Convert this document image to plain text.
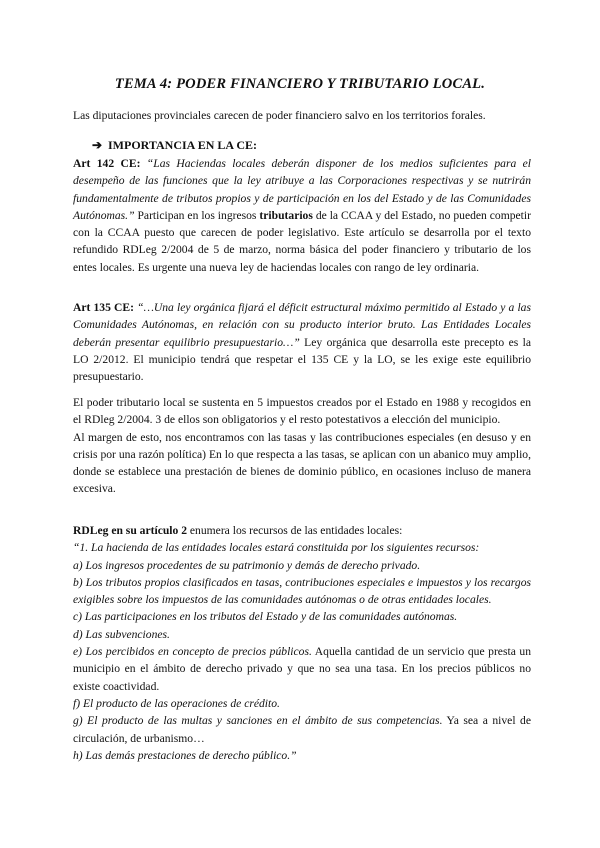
TEMA 4: PODER FINANCIERO Y TRIBUTARIO LOCAL.
Las diputaciones provinciales carecen de poder financiero salvo en los territorios forales.
➔ IMPORTANCIA EN LA CE:
Art 142 CE: “Las Haciendas locales deberán disponer de los medios suficientes para el desempeño de las funciones que la ley atribuye a las Corporaciones respectivas y se nutrirán fundamentalmente de tributos propios y de participación en los del Estado y de las Comunidades Autónomas.” Participan en los ingresos tributarios de la CCAA y del Estado, no pueden competir con la CCAA puesto que carecen de poder legislativo. Este artículo se desarrolla por el texto refundido RDLeg 2/2004 de 5 de marzo, norma básica del poder financiero y tributario de los entes locales. Es urgente una nueva ley de haciendas locales con rango de ley ordinaria.
Art 135 CE: “…Una ley orgánica fijará el déficit estructural máximo permitido al Estado y a las Comunidades Autónomas, en relación con su producto interior bruto. Las Entidades Locales deberán presentar equilibrio presupuestario…” Ley orgánica que desarrolla este precepto es la LO 2/2012. El municipio tendrá que respetar el 135 CE y la LO, se les exige este equilibrio presupuestario.

El poder tributario local se sustenta en 5 impuestos creados por el Estado en 1988 y recogidos en el RDleg 2/2004. 3 de ellos son obligatorios y el resto potestativos a elección del municipio.

Al margen de esto, nos encontramos con las tasas y las contribuciones especiales (en desuso y en crisis por una razón política) En lo que respecta a las tasas, se aplican con un abanico muy amplio, donde se establece una prestación de bienes de dominio público, en ocasiones incluso de manera excesiva.

RDLeg en su artículo 2 enumera los recursos de las entidades locales:

“1. La hacienda de las entidades locales estará constituida por los siguientes recursos:

a) Los ingresos procedentes de su patrimonio y demás de derecho privado.

b) Los tributos propios clasificados en tasas, contribuciones especiales e impuestos y los recargos exigibles sobre los impuestos de las comunidades autónomas o de otras entidades locales.

c) Las participaciones en los tributos del Estado y de las comunidades autónomas.

d) Las subvenciones.

e) Los percibidos en concepto de precios públicos. Aquella cantidad de un servicio que presta un municipio en el ámbito de derecho privado y que no sea una tasa. En los precios públicos no existe coactividad.

f) El producto de las operaciones de crédito.

g) El producto de las multas y sanciones en el ámbito de sus competencias. Ya sea a nivel de circulación, de urbanismo…

h) Las demás prestaciones de derecho público.”
